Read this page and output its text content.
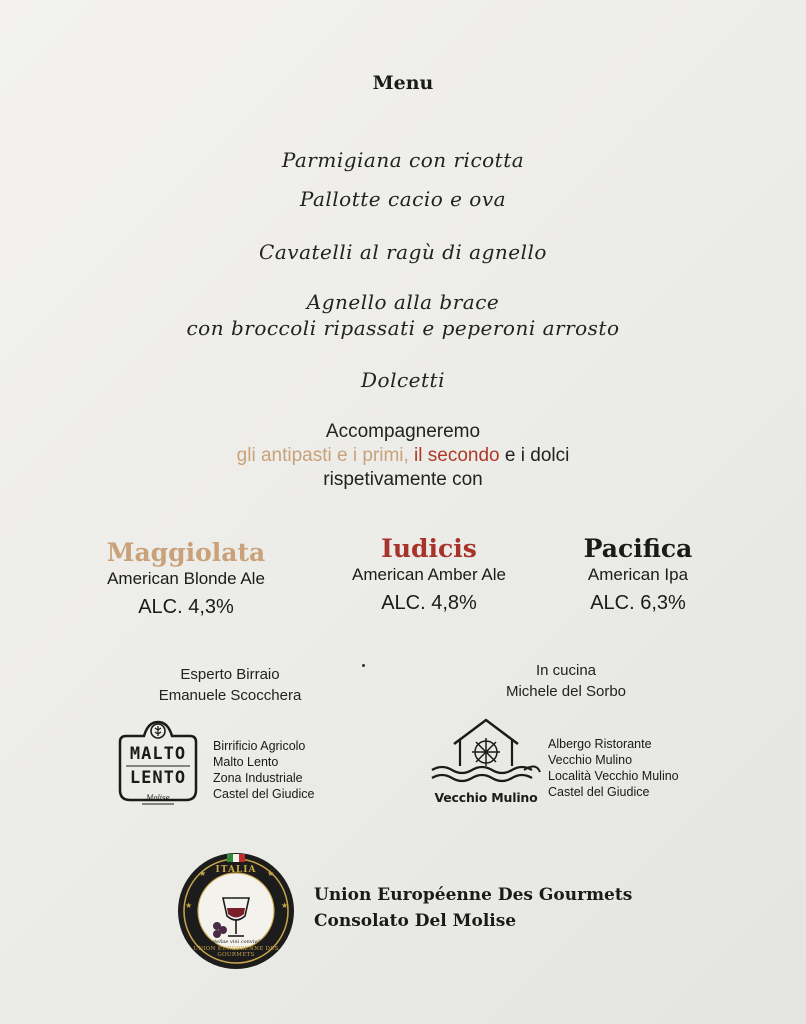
Menu
Parmigiana con ricotta
Pallotte cacio e ova
Cavatelli al ragù di agnello
Agnello alla brace
con broccoli ripassati e peperoni arrosto
Dolcetti
Accompagneremo
gli antipasti e i primi, il secondo e i dolci
rispetivamente con
Maggiolata
American Blonde Ale
ALC. 4,3%
Iudicis
American Amber Ale
ALC. 4,8%
Pacifica
American Ipa
ALC. 6,3%
Esperto Birraio
Emanuele Scocchera
In cucina
Michele del Sorbo
MALTO
LENTO
Molise
Birrificio Agricolo
Malto Lento
Zona Industriale
Castel del Giudice	Vecchio Mulino
Albergo Ristorante
Vecchio Mulino
Località Vecchio Mulino
Castel del Giudice
★	★
★	★
ITALIA
UNION EUROPEENNE DES GOURMETS
stellae vini convivii
Union Européenne Des Gourmets
Consolato Del Molise
